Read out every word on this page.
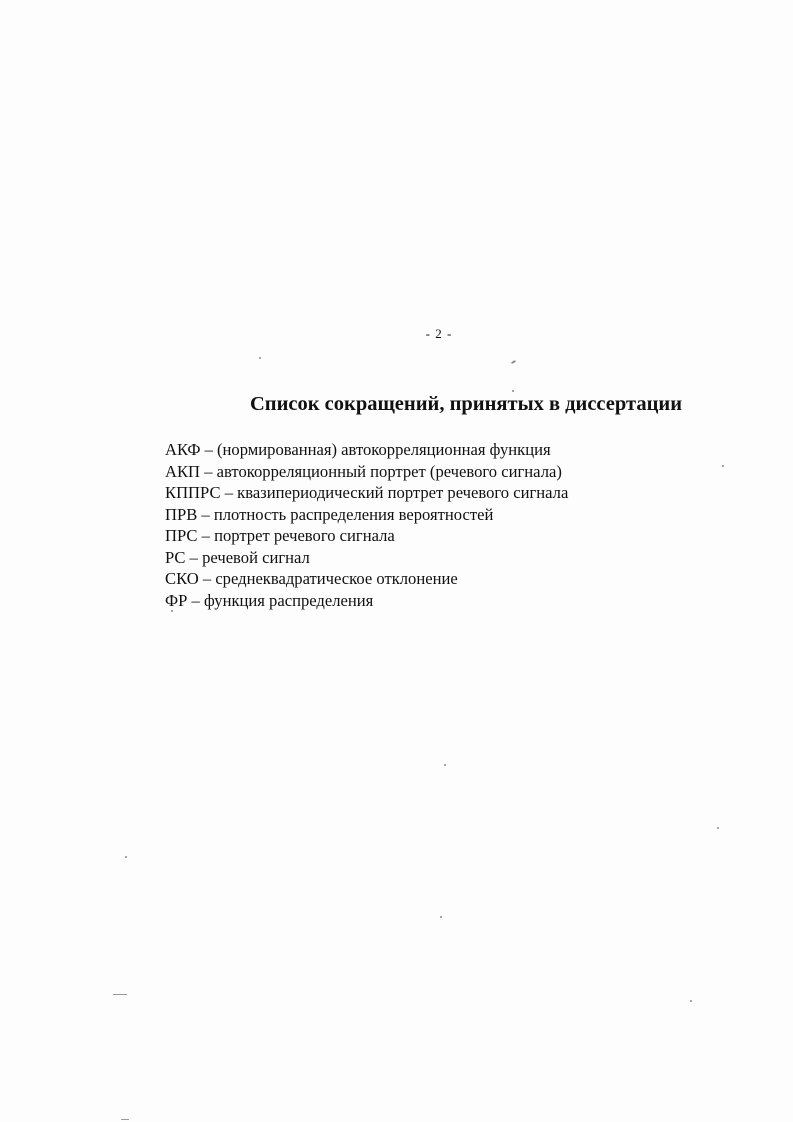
- 2 -
Список сокращений, принятых в диссертации
АКФ – (нормированная) автокорреляционная функция
АКП – автокорреляционный портрет (речевого сигнала)
КППРС – квазипериодический портрет речевого сигнала
ПРВ – плотность распределения вероятностей
ПРС – портрет речевого сигнала
РС – речевой сигнал
СКО – среднеквадратическое отклонение
ФР – функция распределения
